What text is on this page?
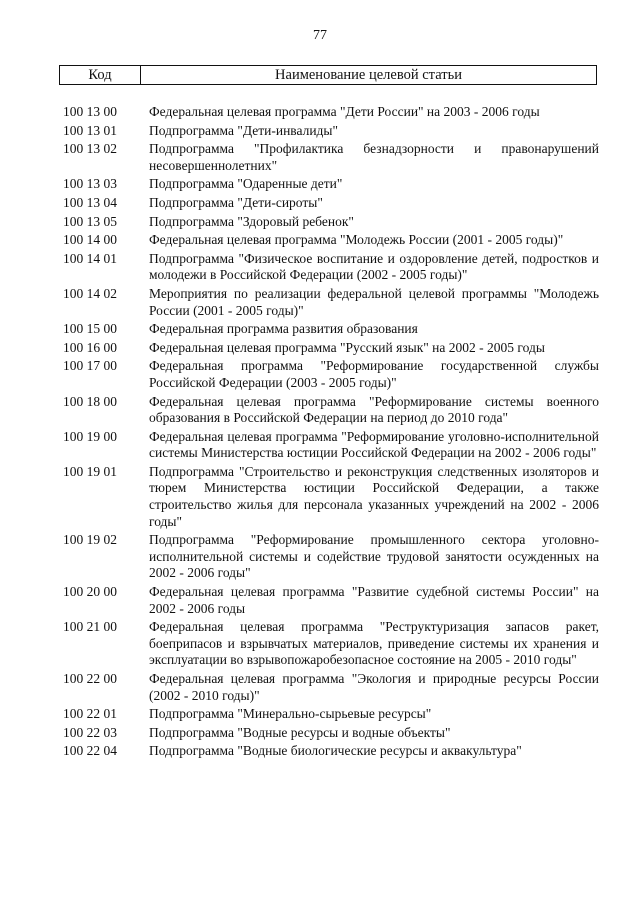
77
Код	Наименование целевой статьи
100 13 00	Федеральная целевая программа "Дети России" на 2003 - 2006 годы
100 13 01	Подпрограмма "Дети-инвалиды"
100 13 02	Подпрограмма "Профилактика безнадзорности и правонарушений несовершеннолетних"
100 13 03	Подпрограмма "Одаренные дети"
100 13 04	Подпрограмма "Дети-сироты"
100 13 05	Подпрограмма "Здоровый ребенок"
100 14 00	Федеральная целевая программа "Молодежь России (2001 - 2005 годы)"
100 14 01	Подпрограмма "Физическое воспитание и оздоровление детей, подростков и молодежи в Российской Федерации (2002 - 2005 годы)"
100 14 02	Мероприятия по реализации федеральной целевой программы "Молодежь России (2001 - 2005 годы)"
100 15 00	Федеральная программа развития образования
100 16 00	Федеральная целевая программа "Русский язык" на 2002 - 2005 годы
100 17 00	Федеральная программа "Реформирование государственной службы Российской Федерации (2003 - 2005 годы)"
100 18 00	Федеральная целевая программа "Реформирование системы военного образования в Российской Федерации на период до 2010 года"
100 19 00	Федеральная целевая программа "Реформирование уголовно-исполнительной системы Министерства юстиции Российской Федерации на 2002 - 2006 годы"
100 19 01	Подпрограмма "Строительство и реконструкция следственных изоляторов и тюрем Министерства юстиции Российской Федерации, а также строительство жилья для персонала указанных учреждений на 2002 - 2006 годы"
100 19 02	Подпрограмма "Реформирование промышленного сектора уголовно-исполнительной системы и содействие трудовой занятости осужденных на 2002 - 2006 годы"
100 20 00	Федеральная целевая программа "Развитие судебной системы России" на 2002 - 2006 годы
100 21 00	Федеральная целевая программа "Реструктуризация запасов ракет, боеприпасов и взрывчатых материалов, приведение системы их хранения и эксплуатации во взрывопожаробезопасное состояние на 2005 - 2010 годы"
100 22 00	Федеральная целевая программа "Экология и природные ресурсы России (2002 - 2010 годы)"
100 22 01	Подпрограмма "Минерально-сырьевые ресурсы"
100 22 03	Подпрограмма "Водные ресурсы и водные объекты"
100 22 04	Подпрограмма "Водные биологические ресурсы и аквакультура"
